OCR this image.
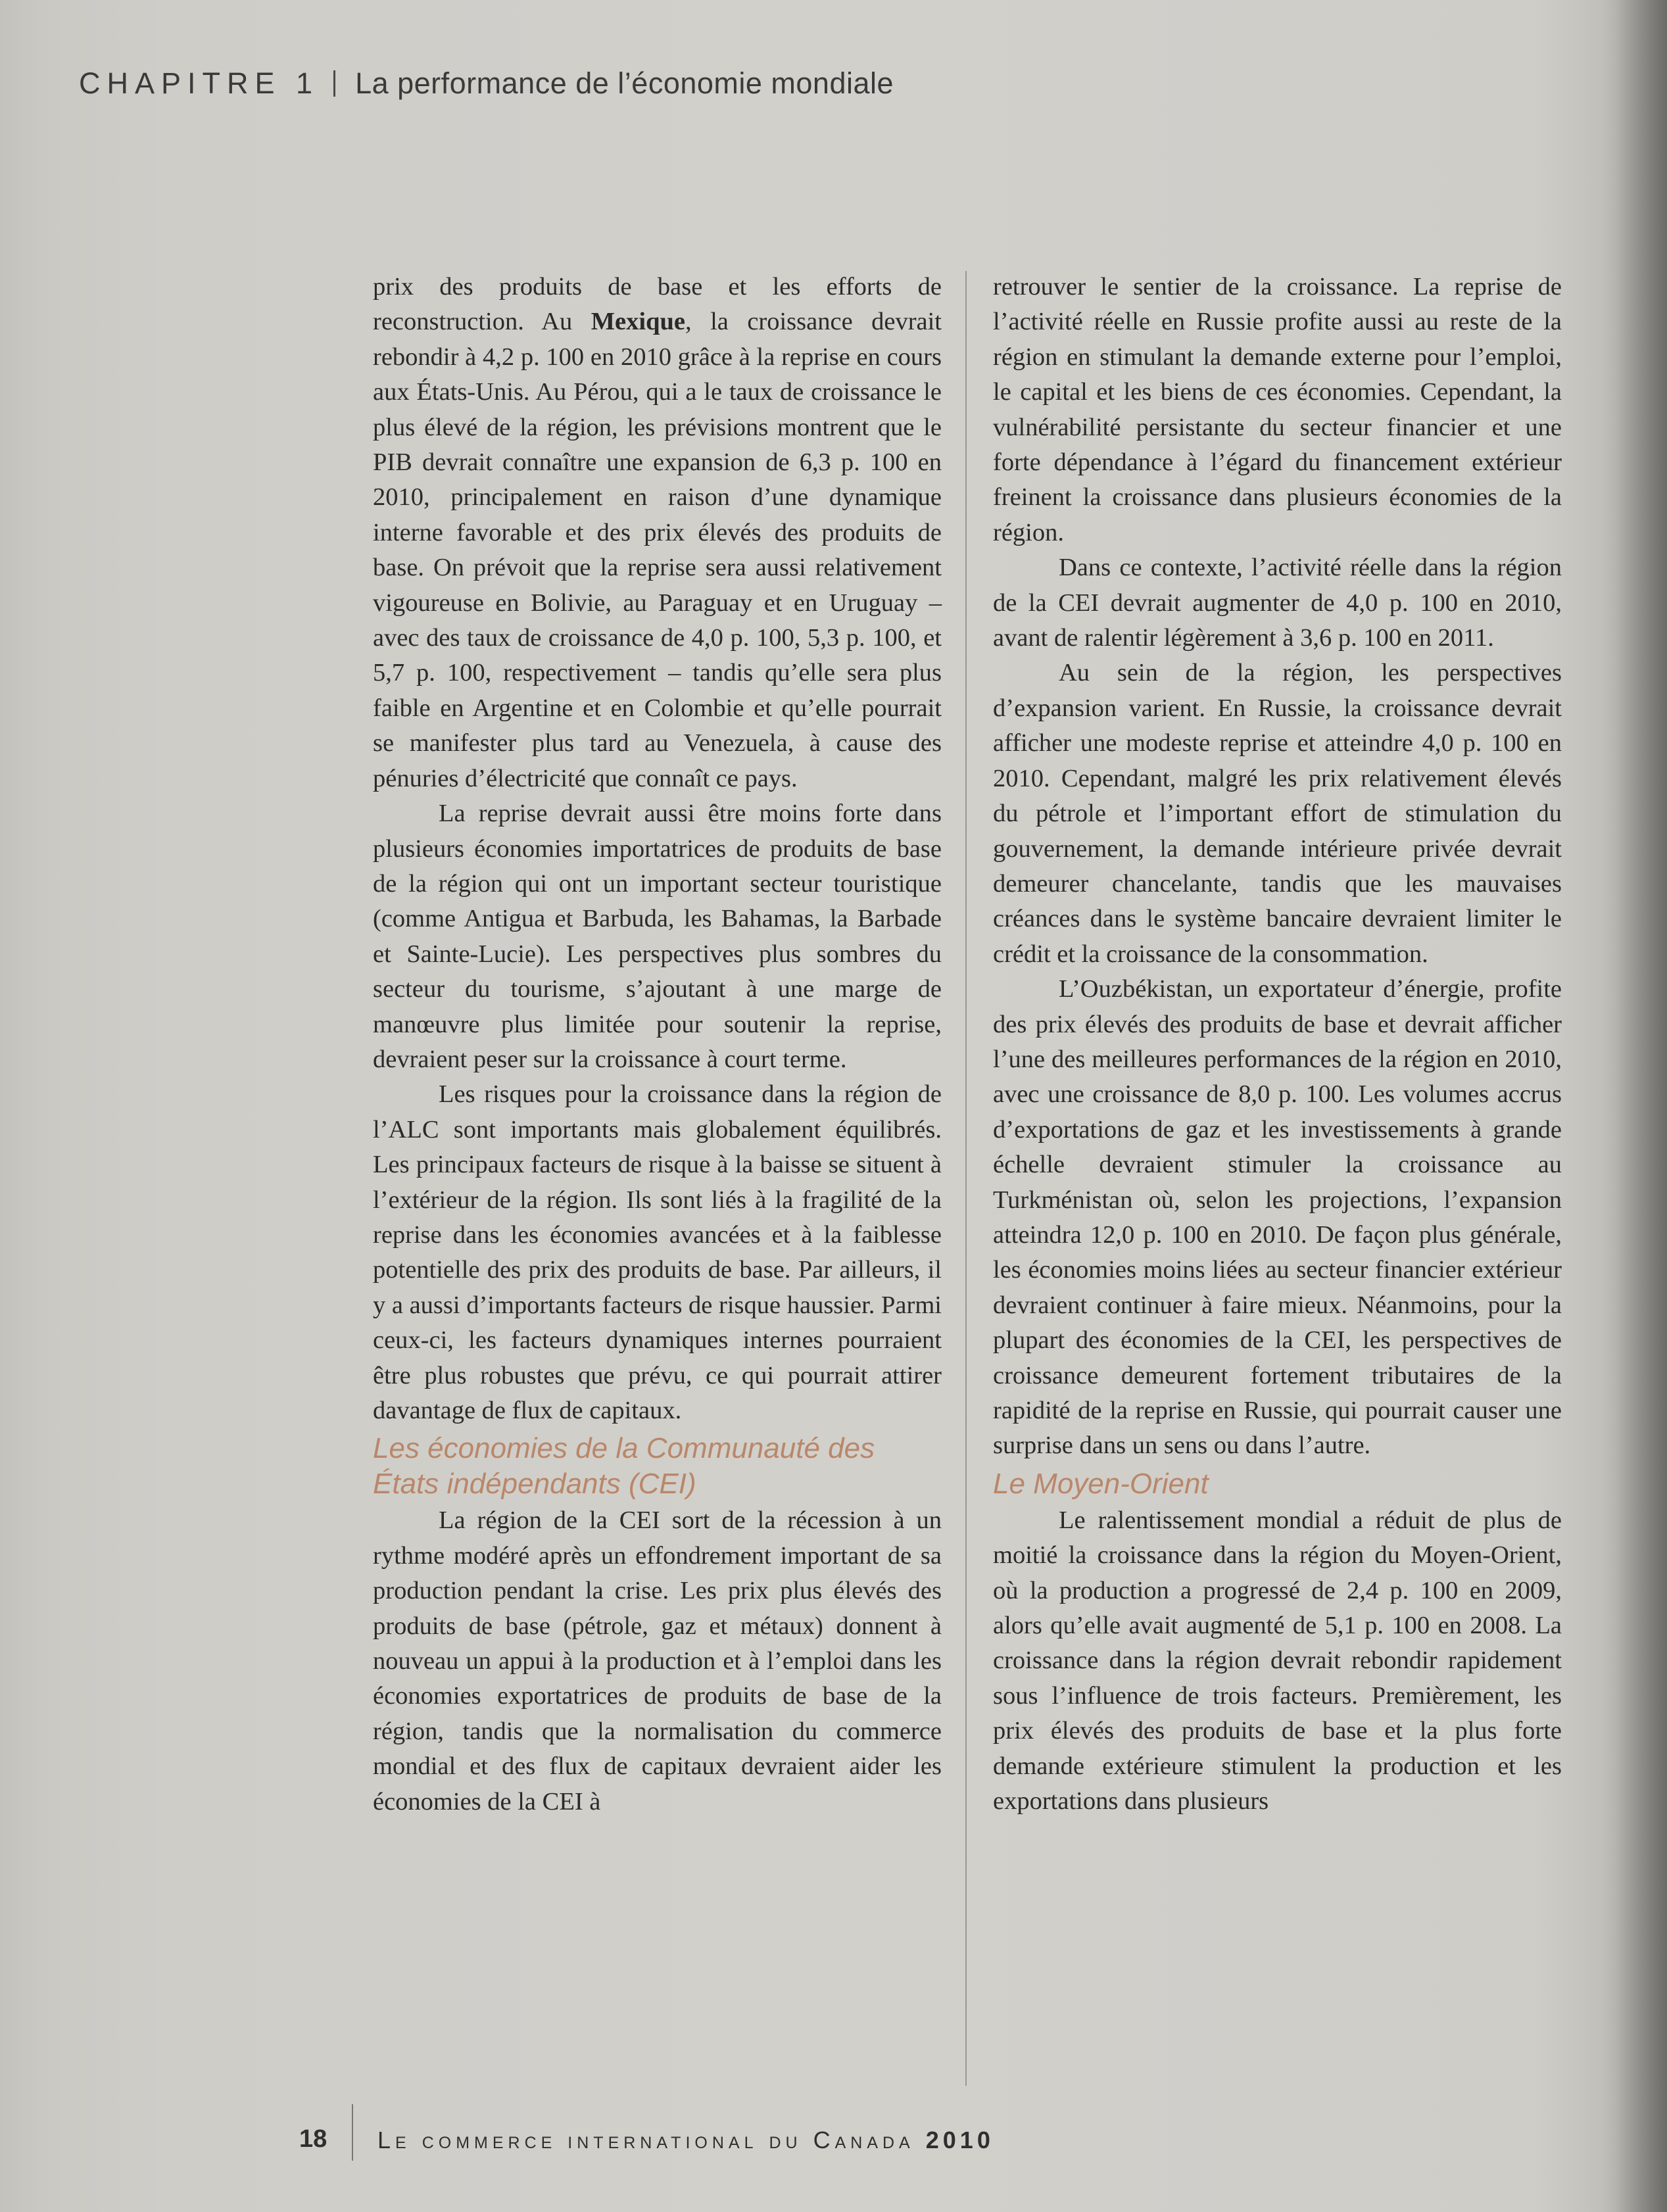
CHAPITRE 1 La performance de l’économie mondiale

prix des produits de base et les efforts de reconstruction. Au Mexique, la croissance devrait rebondir à 4,2 p. 100 en 2010 grâce à la reprise en cours aux États-Unis. Au Pérou, qui a le taux de croissance le plus élevé de la région, les prévisions montrent que le PIB devrait connaître une expansion de 6,3 p. 100 en 2010, principalement en raison d’une dynamique interne favorable et des prix élevés des produits de base. On prévoit que la reprise sera aussi relativement vigoureuse en Bolivie, au Paraguay et en Uruguay – avec des taux de croissance de 4,0 p. 100, 5,3 p. 100, et 5,7 p. 100, respectivement – tandis qu’elle sera plus faible en Argentine et en Colombie et qu’elle pourrait se manifester plus tard au Venezuela, à cause des pénuries d’électricité que connaît ce pays.

La reprise devrait aussi être moins forte dans plusieurs économies importatrices de produits de base de la région qui ont un important secteur touristique (comme Antigua et Barbuda, les Bahamas, la Barbade et Sainte-Lucie). Les perspectives plus sombres du secteur du tourisme, s’ajoutant à une marge de manœuvre plus limitée pour soutenir la reprise, devraient peser sur la croissance à court terme.

Les risques pour la croissance dans la région de l’ALC sont importants mais globalement équilibrés. Les principaux facteurs de risque à la baisse se situent à l’extérieur de la région. Ils sont liés à la fragilité de la reprise dans les économies avancées et à la faiblesse potentielle des prix des produits de base. Par ailleurs, il y a aussi d’importants facteurs de risque haussier. Parmi ceux-ci, les facteurs dynamiques internes pourraient être plus robustes que prévu, ce qui pourrait attirer davantage de flux de capitaux.

Les économies de la Communauté des États indépendants (CEI)

La région de la CEI sort de la récession à un rythme modéré après un effondrement important de sa production pendant la crise. Les prix plus élevés des produits de base (pétrole, gaz et métaux) donnent à nouveau un appui à la production et à l’emploi dans les économies exportatrices de produits de base de la région, tandis que la normalisation du commerce mondial et des flux de capitaux devraient aider les économies de la CEI à

retrouver le sentier de la croissance. La reprise de l’activité réelle en Russie profite aussi au reste de la région en stimulant la demande externe pour l’emploi, le capital et les biens de ces économies. Cependant, la vulnérabilité persistante du secteur financier et une forte dépendance à l’égard du financement extérieur freinent la croissance dans plusieurs économies de la région.

Dans ce contexte, l’activité réelle dans la région de la CEI devrait augmenter de 4,0 p. 100 en 2010, avant de ralentir légèrement à 3,6 p. 100 en 2011.

Au sein de la région, les perspectives d’expansion varient. En Russie, la croissance devrait afficher une modeste reprise et atteindre 4,0 p. 100 en 2010. Cependant, malgré les prix relativement élevés du pétrole et l’important effort de stimulation du gouvernement, la demande intérieure privée devrait demeurer chancelante, tandis que les mauvaises créances dans le système bancaire devraient limiter le crédit et la croissance de la consommation.

L’Ouzbékistan, un exportateur d’énergie, profite des prix élevés des produits de base et devrait afficher l’une des meilleures performances de la région en 2010, avec une croissance de 8,0 p. 100. Les volumes accrus d’exportations de gaz et les investissements à grande échelle devraient stimuler la croissance au Turkménistan où, selon les projections, l’expansion atteindra 12,0 p. 100 en 2010. De façon plus générale, les économies moins liées au secteur financier extérieur devraient continuer à faire mieux. Néanmoins, pour la plupart des économies de la CEI, les perspectives de croissance demeurent fortement tributaires de la rapidité de la reprise en Russie, qui pourrait causer une surprise dans un sens ou dans l’autre.

Le Moyen-Orient

Le ralentissement mondial a réduit de plus de moitié la croissance dans la région du Moyen-Orient, où la production a progressé de 2,4 p. 100 en 2009, alors qu’elle avait augmenté de 5,1 p. 100 en 2008. La croissance dans la région devrait rebondir rapidement sous l’influence de trois facteurs. Premièrement, les prix élevés des produits de base et la plus forte demande extérieure stimulent la production et les exportations dans plusieurs

18 Le commerce international du Canada 2010
